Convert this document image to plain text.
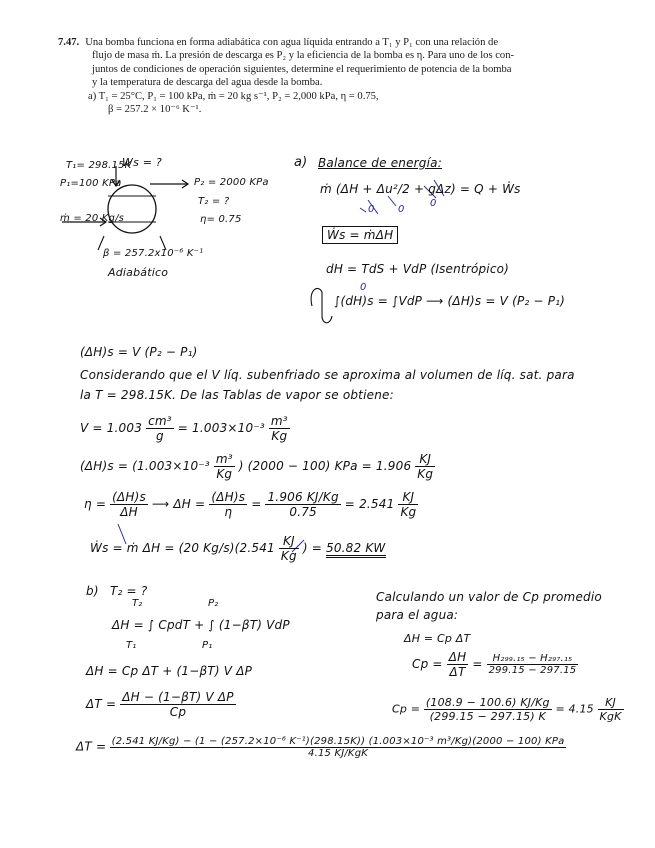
7.47. Una bomba funciona en forma adiabática con agua líquida entrando a T₁ y P₁ con una relación de

flujo de masa ṁ. La presión de descarga es P₂ y la eficiencia de la bomba es η. Para uno de los con-

juntos de condiciones de operación siguientes, determine el requerimiento de potencia de la bomba

y la temperatura de descarga del agua desde la bomba.

a) T₁ = 25°C, P₁ = 100 kPa, ṁ = 20 kg s⁻¹, P₂ = 2,000 kPa, η = 0.75,

β = 257.2 × 10⁻⁶ K⁻¹.

T₁= 298.15K
P₁=100 KPa
Ws = ?
P₂ = 2000 KPa
T₂ = ?
η= 0.75
ṁ = 20 Kg/s
β = 257.2x10⁻⁶ K⁻¹
Adiabático
a) Balance de energía:
ṁ (ΔH + Δu²/2 + gΔz) = Q + Ẇs
0 0
0
Ẇs = ṁΔH
dH = TdS + VdP (Isentrópico)
∫(dH)s = ∫VdP ⟶ (ΔH)s = V (P₂ − P₁)
0
(ΔH)s = V (P₂ − P₁)
Considerando que el V líq. subenfriado se aproxima al volumen de líq. sat. para
la T = 298.15K. De las Tablas de vapor se obtiene:
$V = 1.003 \frac{\text{cm³}}{g} = 1.003\times 10^{-3} \frac{\text{m³}}{Kg}$
$(\Delta H)s = (1.003\times 10^{-3} \frac{\text{m³}}{Kg}$ ) (2000 − 100) KPa = $1.906 \frac{KJ}{Kg}$
$\eta = \frac{(\Delta H)s}{\Delta H}$ ⟶ $\Delta H = \frac{(\Delta H)s}{\eta} = \frac{1.906 KJ/Kg}{0.75} = 2.541 \frac{KJ}{Kg}$
Ẇs = ṁ ΔH = (20 $Kg/s)(2.541 \frac{KJ}{Kg}$ ) = 50.82 KW
b) T₂ = ?
T₂	P₂
ΔH = ∫ CpdT + ∫ (1−βT) VdP
T₁	P₁
ΔH = Cp ΔT + (1−βT) V ΔP
$\Delta T = \frac{\text{ΔH − (1−βT) V ΔP}}{Cp}$
Calculando un valor de Cp promedio
para el agua:
ΔH = Cp ΔT
$Cp = \frac{\Delta H}{\Delta T} = \frac{\text{H₂₉₉.₁₅ − H₂₉₇.₁₅}}{299.15 - 297.15}$
$Cp = \frac{(108.9 - 100.6) KJ/Kg}{(299.15 - 297.15) K} = 4.15 \frac{KJ}{\text{KgK}}$
ΔT = (2.541 KJ/Kg) − (1 − (257.2×10⁻⁶ K⁻¹)(298.15K)) (1.003×10⁻³ m³/Kg)(2000 − 100) KPa
4.15 KJ/KgK
